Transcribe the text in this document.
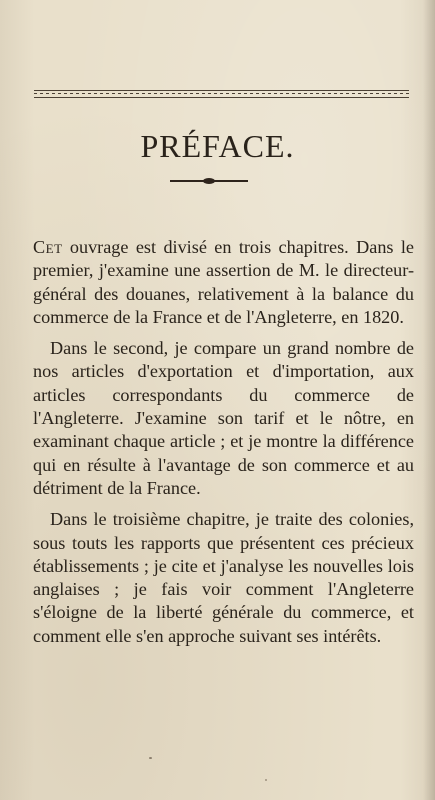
PRÉFACE.

Cet ouvrage est divisé en trois chapitres. Dans le premier, j'examine une assertion de M. le directeur-général des douanes, relativement à la balance du commerce de la France et de l'Angleterre, en 1820.

Dans le second, je compare un grand nombre de nos articles d'exportation et d'importation, aux articles correspondants du commerce de l'Angleterre. J'examine son tarif et le nôtre, en examinant chaque article ; et je montre la différence qui en résulte à l'avantage de son commerce et au détriment de la France.

Dans le troisième chapitre, je traite des colonies, sous touts les rapports que présentent ces précieux établissements ; je cite et j'analyse les nouvelles lois anglaises ; je fais voir comment l'Angleterre s'éloigne de la liberté générale du commerce, et comment elle s'en approche suivant ses intérêts.
